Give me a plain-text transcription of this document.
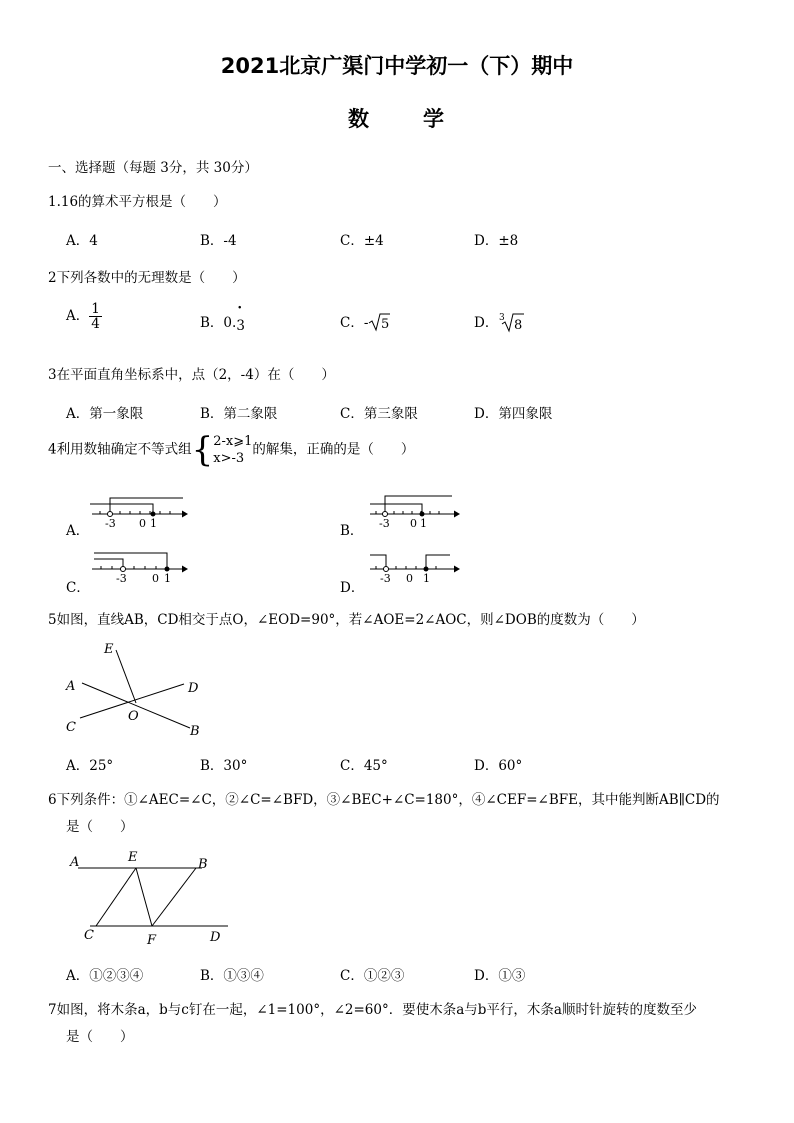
2021北京广渠门中学初一（下）期中
数	学
一、选择题（每题 3分，共 30分）
1.16的算术平方根是（　　）
A．4	B．-4	C．±4	D．±8
2下列各数中的无理数是（　　）
A． $\frac{1}{4}$	B．0.
·
3	C．- 5	D． 3 8
3在平面直角坐标系中，点（2，-4）在（　　）
A．第一象限	B．第二象限	C．第三象限	D．第四象限
4利用数轴确定不等式组{ 2-x⩾1
x>-3
的解集，正确的是（　　）
A． -3 0 1	B． -3 0 1
C．
-3 0 1
D．
-3 0 1
5如图，直线AB，CD相交于点O，∠EOD=90°，若∠AOE=2∠AOC，则∠DOB的度数为（　　）
E
A	D
C
O
B
A．25°	B．30°	C．45°	D．60°
6下列条件：①∠AEC=∠C，②∠C=∠BFD，③∠BEC+∠C=180°，④∠CEF=∠BFE，其中能判断AB∥CD的
是（　　）
A	E	B
C	F	D
A．①②③④	B．①③④	C．①②③	D．①③
7如图，将木条a，b与c钉在一起，∠1=100°，∠2=60°．要使木条a与b平行，木条a顺时针旋转的度数至少
是（　　）
